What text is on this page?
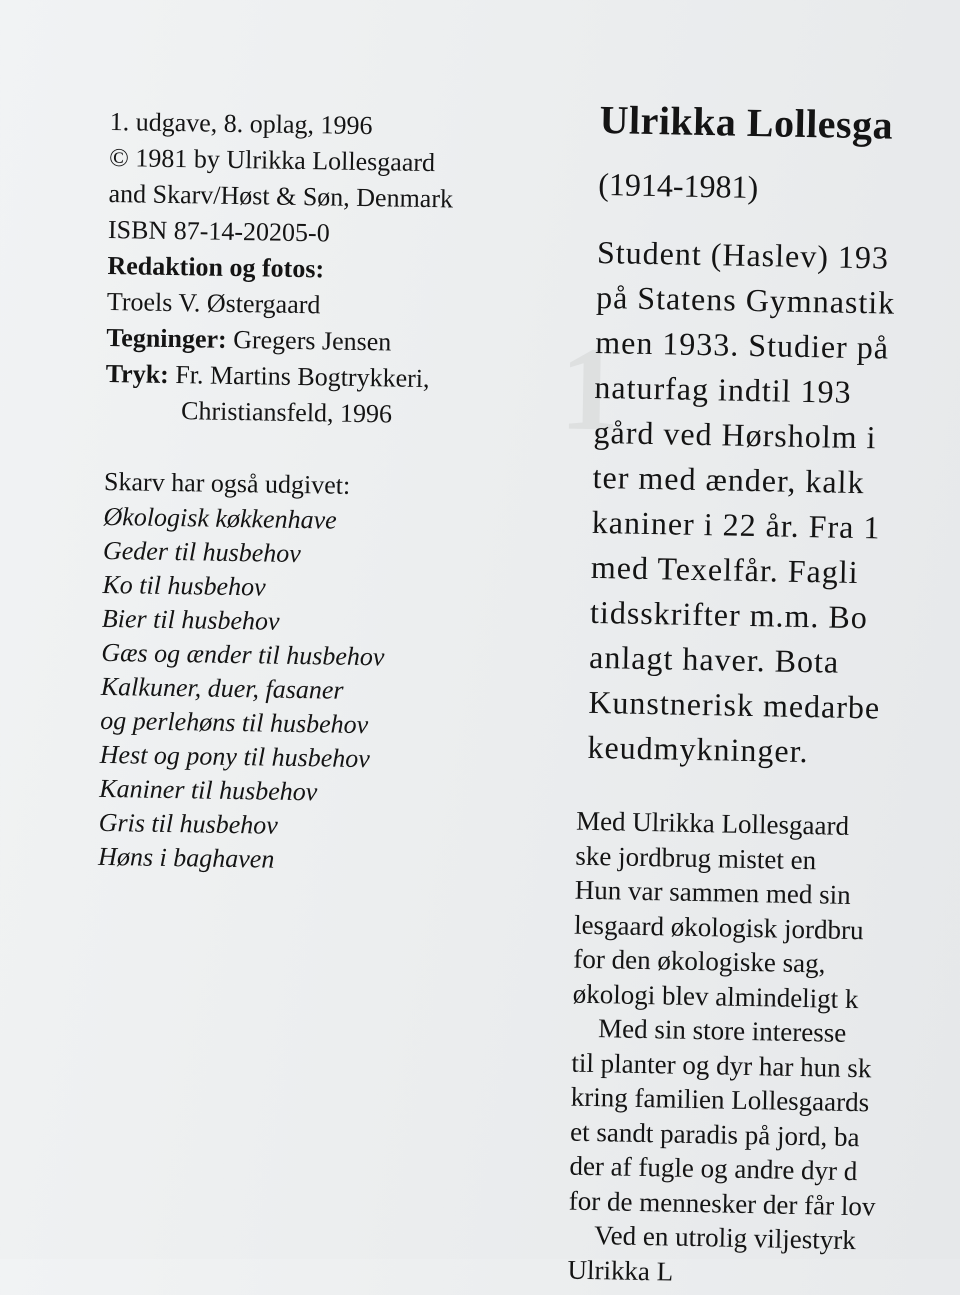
1
1. udgave, 8. oplag, 1996
© 1981 by Ulrikka Lollesgaard
and Skarv/Høst & Søn, Denmark
ISBN 87-14-20205-0
Redaktion og fotos:
Troels V. Østergaard
Tegninger: Gregers Jensen
Tryk: Fr. Martins Bogtrykkeri,
Christiansfeld, 1996
Skarv har også udgivet:
Økologisk køkkenhave
Geder til husbehov
Ko til husbehov
Bier til husbehov
Gæs og ænder til husbehov
Kalkuner, duer, fasaner
og perlehøns til husbehov
Hest og pony til husbehov
Kaniner til husbehov
Gris til husbehov
Høns i baghaven
Ulrikka Lollesga
(1914-1981)
Student (Haslev) 193
på Statens Gymnastik
men 1933. Studier på
naturfag indtil 193
gård ved Hørsholm i
ter med ænder, kalk
kaniner i 22 år. Fra 1
med Texelfår. Fagli
tidsskrifter m.m. Bo
anlagt haver. Bota
Kunstnerisk medarbe
keudmykninger.
Med Ulrikka Lollesgaard
ske jordbrug mistet en
Hun var sammen med sin
lesgaard økologisk jordbru
for den økologiske sag,
økologi blev almindeligt k
Med sin store interesse
til planter og dyr har hun sk
kring familien Lollesgaards
et sandt paradis på jord, ba
der af fugle og andre dyr d
for de mennesker der får lov
Ved en utrolig viljestyrk
Ulrikka L
